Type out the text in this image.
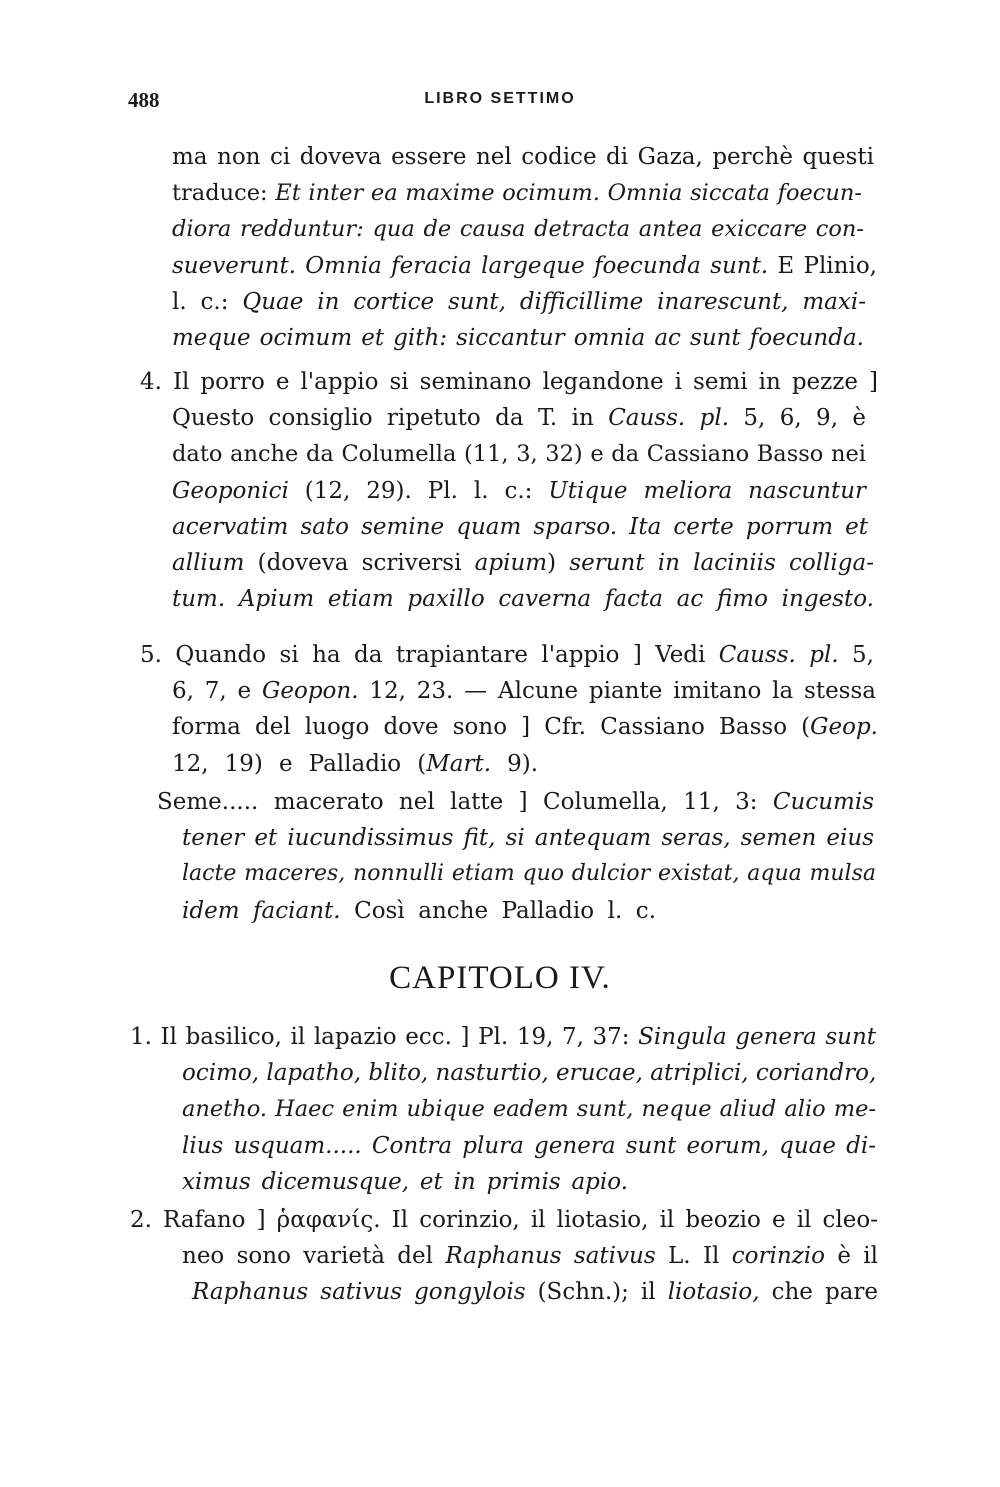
488	LIBRO SETTIMO
CAPITOLO IV.
ma non ci doveva essere nel codice di Gaza, perchè questi
traduce: Et inter ea maxime ocimum. Omnia siccata foecun-
diora redduntur: qua de causa detracta antea exiccare con-
sueverunt. Omnia feracia largeque foecunda sunt. E Plinio,
l. c.: Quae in cortice sunt, difficillime inarescunt, maxi-
meque ocimum et gith: siccantur omnia ac sunt foecunda.
4. Il porro e l'appio si seminano legandone i semi in pezze ]
Questo consiglio ripetuto da T. in Causs. pl. 5, 6, 9, è
dato anche da Columella (11, 3, 32) e da Cassiano Basso nei
Geoponici (12, 29). Pl. l. c.: Utique meliora nascuntur
acervatim sato semine quam sparso. Ita certe porrum et
allium (doveva scriversi apium) serunt in laciniis colliga-
tum. Apium etiam paxillo caverna facta ac fimo ingesto.
5. Quando si ha da trapiantare l'appio ] Vedi Causs. pl. 5,
6, 7, e Geopon. 12, 23. — Alcune piante imitano la stessa
forma del luogo dove sono ] Cfr. Cassiano Basso (Geop.
12, 19) e Palladio (Mart. 9).
Seme..... macerato nel latte ] Columella, 11, 3: Cucumis
tener et iucundissimus fit, si antequam seras, semen eius
lacte maceres, nonnulli etiam quo dulcior existat, aqua mulsa
idem faciant. Così anche Palladio l. c.
1. Il basilico, il lapazio ecc. ] Pl. 19, 7, 37: Singula genera sunt
ocimo, lapatho, blito, nasturtio, erucae, atriplici, coriandro,
anetho. Haec enim ubique eadem sunt, neque aliud alio me-
lius usquam..... Contra plura genera sunt eorum, quae di-
ximus dicemusque, et in primis apio.
2. Rafano ] ῥαφανίς. Il corinzio, il liotasio, il beozio e il cleo-
neo sono varietà del Raphanus sativus L. Il corinzio è il
Raphanus sativus gongylois (Schn.); il liotasio, che pare
